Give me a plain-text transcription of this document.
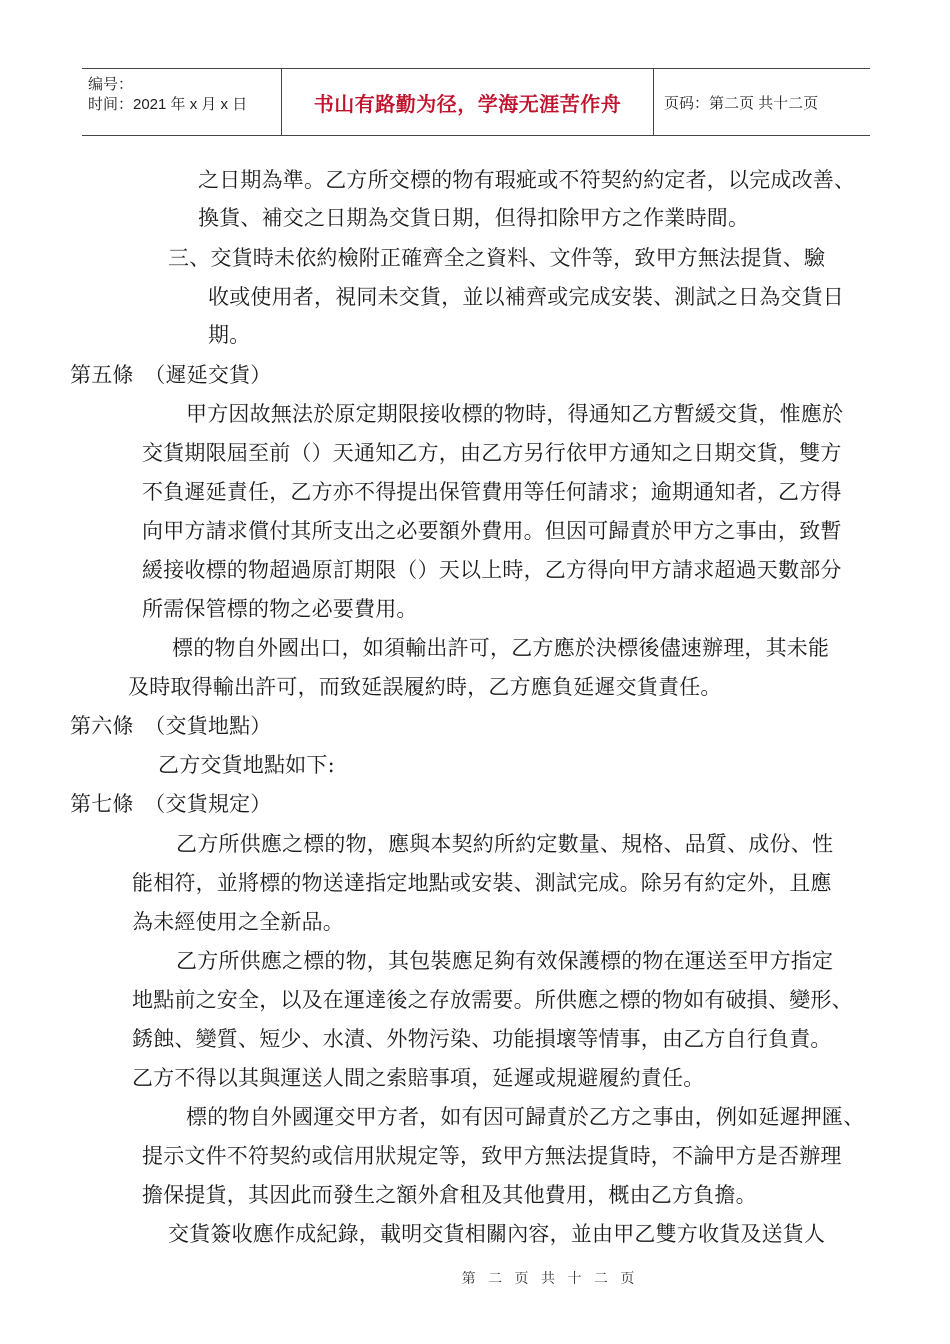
编号：
时间：2021 年 x 月 x 日	书山有路勤为径，学海无涯苦作舟	页码：第二页 共十二页
之日期為準。乙方所交標的物有瑕疵或不符契約約定者，以完成改善、
換貨、補交之日期為交貨日期，但得扣除甲方之作業時間。
三、交貨時未依約檢附正確齊全之資料、文件等，致甲方無法提貨、驗
收或使用者，視同未交貨，並以補齊或完成安裝、測試之日為交貨日
期。
第五條　（遲延交貨）
甲方因故無法於原定期限接收標的物時，得通知乙方暫緩交貨，惟應於
交貨期限屆至前（）天通知乙方，由乙方另行依甲方通知之日期交貨，雙方
不負遲延責任，乙方亦不得提出保管費用等任何請求；逾期通知者，乙方得
向甲方請求償付其所支出之必要額外費用。但因可歸責於甲方之事由，致暫
緩接收標的物超過原訂期限（）天以上時，乙方得向甲方請求超過天數部分
所需保管標的物之必要費用。
標的物自外國出口，如須輸出許可，乙方應於決標後儘速辦理，其未能
及時取得輸出許可，而致延誤履約時，乙方應負延遲交貨責任。
第六條　（交貨地點）
乙方交貨地點如下:
第七條　（交貨規定）
乙方所供應之標的物，應與本契約所約定數量、規格、品質、成份、性
能相符，並將標的物送達指定地點或安裝、測試完成。除另有約定外，且應
為未經使用之全新品。
乙方所供應之標的物，其包裝應足夠有效保護標的物在運送至甲方指定
地點前之安全，以及在運達後之存放需要。所供應之標的物如有破損、變形、
銹蝕、變質、短少、水漬、外物污染、功能損壞等情事，由乙方自行負責。
乙方不得以其與運送人間之索賠事項，延遲或規避履約責任。
標的物自外國運交甲方者，如有因可歸責於乙方之事由，例如延遲押匯、
提示文件不符契約或信用狀規定等，致甲方無法提貨時，不論甲方是否辦理
擔保提貨，其因此而發生之額外倉租及其他費用，概由乙方負擔。
交貨簽收應作成紀錄，載明交貨相關內容，並由甲乙雙方收貨及送貨人
第 二 页 共 十 二 页
